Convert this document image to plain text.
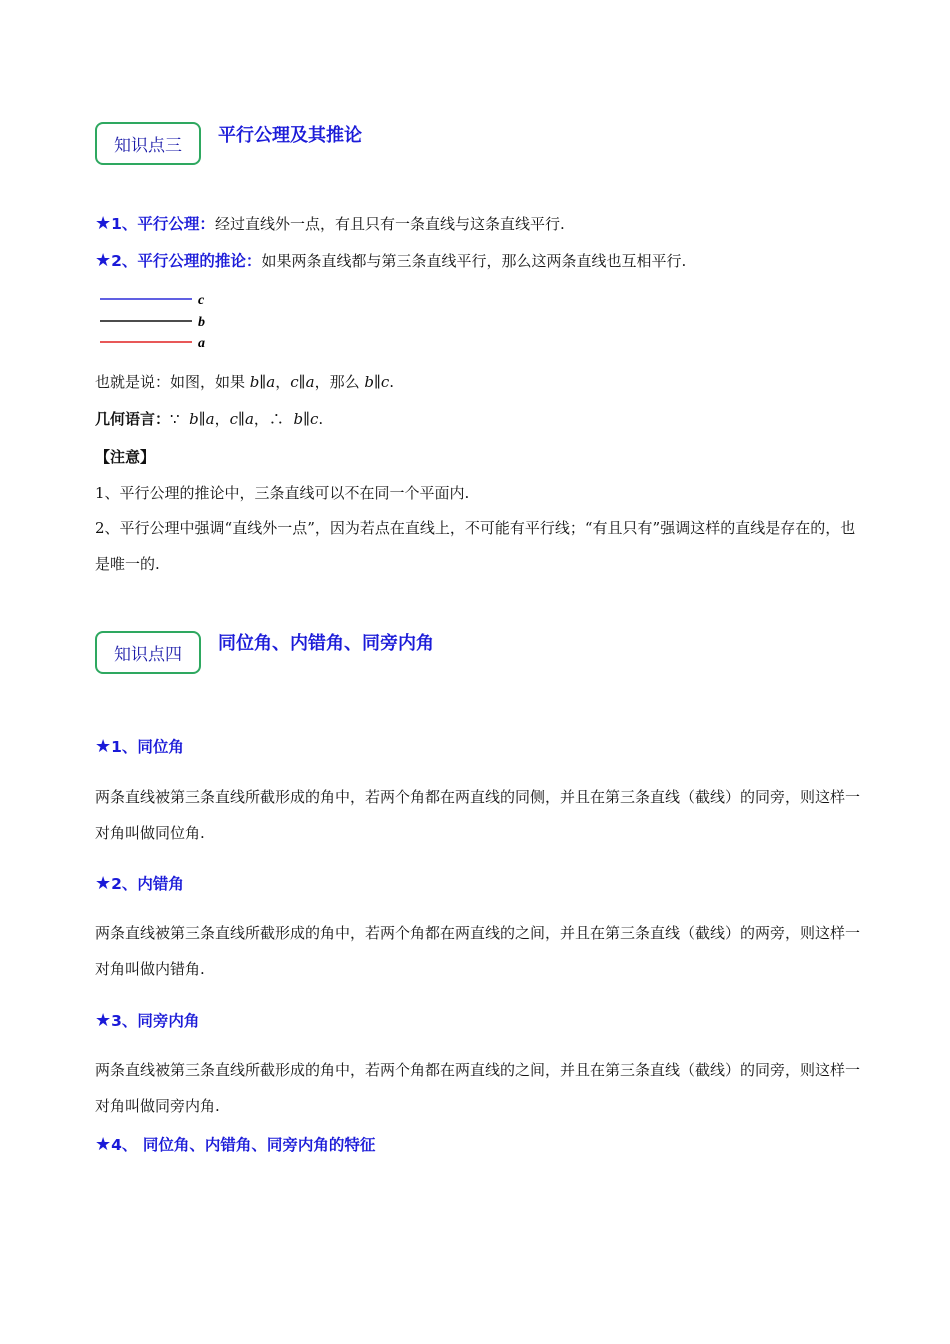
知识点三 平行公理及其推论
★1、平行公理：经过直线外一点，有且只有一条直线与这条直线平行.
★2、平行公理的推论：如果两条直线都与第三条直线平行，那么这两条直线也互相平行.
c
b
a
也就是说：如图，如果 b∥a，c∥a，那么 b∥c.
几何语言：∵ b∥a，c∥a，∴ b∥c.
【注意】
1、平行公理的推论中，三条直线可以不在同一个平面内.
2、平行公理中强调“直线外一点”，因为若点在直线上，不可能有平行线；“有且只有”强调这样的直线是存在的，也是唯一的.
知识点四
同位角、内错角、同旁内角
★1、同位角
两条直线被第三条直线所截形成的角中，若两个角都在两直线的同侧，并且在第三条直线（截线）的同旁，则这样一对角叫做同位角.
★2、内错角
两条直线被第三条直线所截形成的角中，若两个角都在两直线的之间，并且在第三条直线（截线）的两旁，则这样一对角叫做内错角.
★3、同旁内角
两条直线被第三条直线所截形成的角中，若两个角都在两直线的之间，并且在第三条直线（截线）的同旁，则这样一对角叫做同旁内角.
★4、 同位角、内错角、同旁内角的特征
